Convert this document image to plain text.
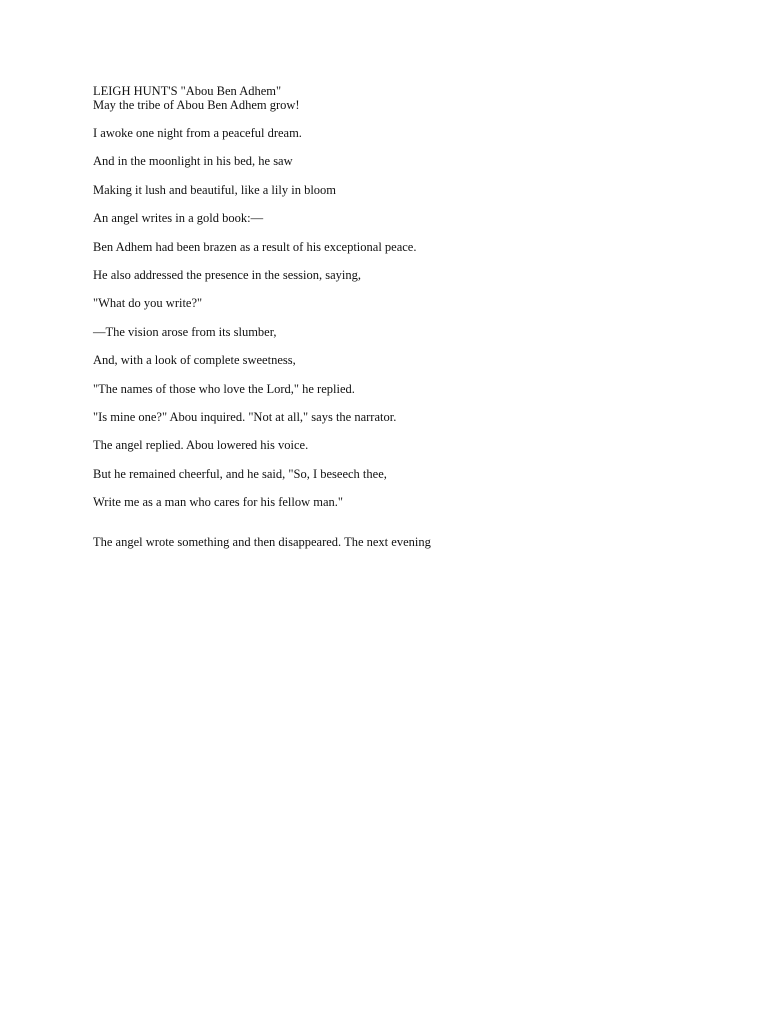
LEIGH HUNT'S "Abou Ben Adhem"
May the tribe of Abou Ben Adhem grow!
I awoke one night from a peaceful dream.
And in the moonlight in his bed, he saw
Making it lush and beautiful, like a lily in bloom
An angel writes in a gold book:—
Ben Adhem had been brazen as a result of his exceptional peace.
He also addressed the presence in the session, saying,
"What do you write?"
—The vision arose from its slumber,
And, with a look of complete sweetness,
"The names of those who love the Lord," he replied.
"Is mine one?" Abou inquired. "Not at all," says the narrator.
The angel replied. Abou lowered his voice.
But he remained cheerful, and he said, "So, I beseech thee,
Write me as a man who cares for his fellow man."
The angel wrote something and then disappeared. The next evening
